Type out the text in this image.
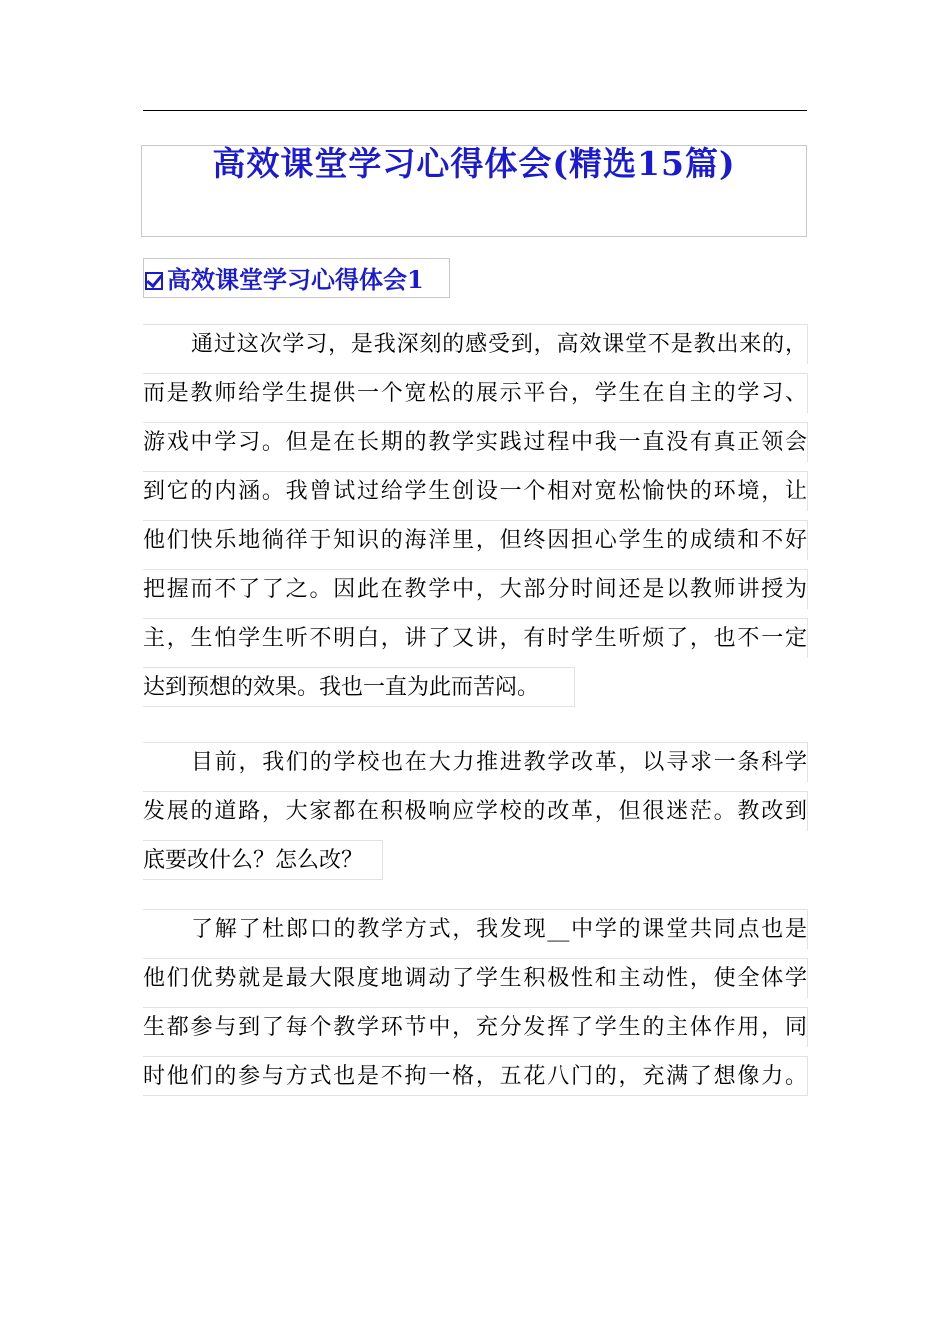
高效课堂学习心得体会(精选15篇)
高效课堂学习心得体会1
通过这次学习，是我深刻的感受到，高效课堂不是教出来的，
而是教师给学生提供一个宽松的展示平台，学生在自主的学习、
游戏中学习。但是在长期的教学实践过程中我一直没有真正领会
到它的内涵。我曾试过给学生创设一个相对宽松愉快的环境，让
他们快乐地徜徉于知识的海洋里，但终因担心学生的成绩和不好
把握而不了了之。因此在教学中，大部分时间还是以教师讲授为
主，生怕学生听不明白，讲了又讲，有时学生听烦了，也不一定
达到预想的效果。我也一直为此而苦闷。
目前，我们的学校也在大力推进教学改革，以寻求一条科学
发展的道路，大家都在积极响应学校的改革，但很迷茫。教改到
底要改什么？怎么改？
了解了杜郎口的教学方式，我发现__中学的课堂共同点也是
他们优势就是最大限度地调动了学生积极性和主动性，使全体学
生都参与到了每个教学环节中，充分发挥了学生的主体作用，同
时他们的参与方式也是不拘一格，五花八门的，充满了想像力。
